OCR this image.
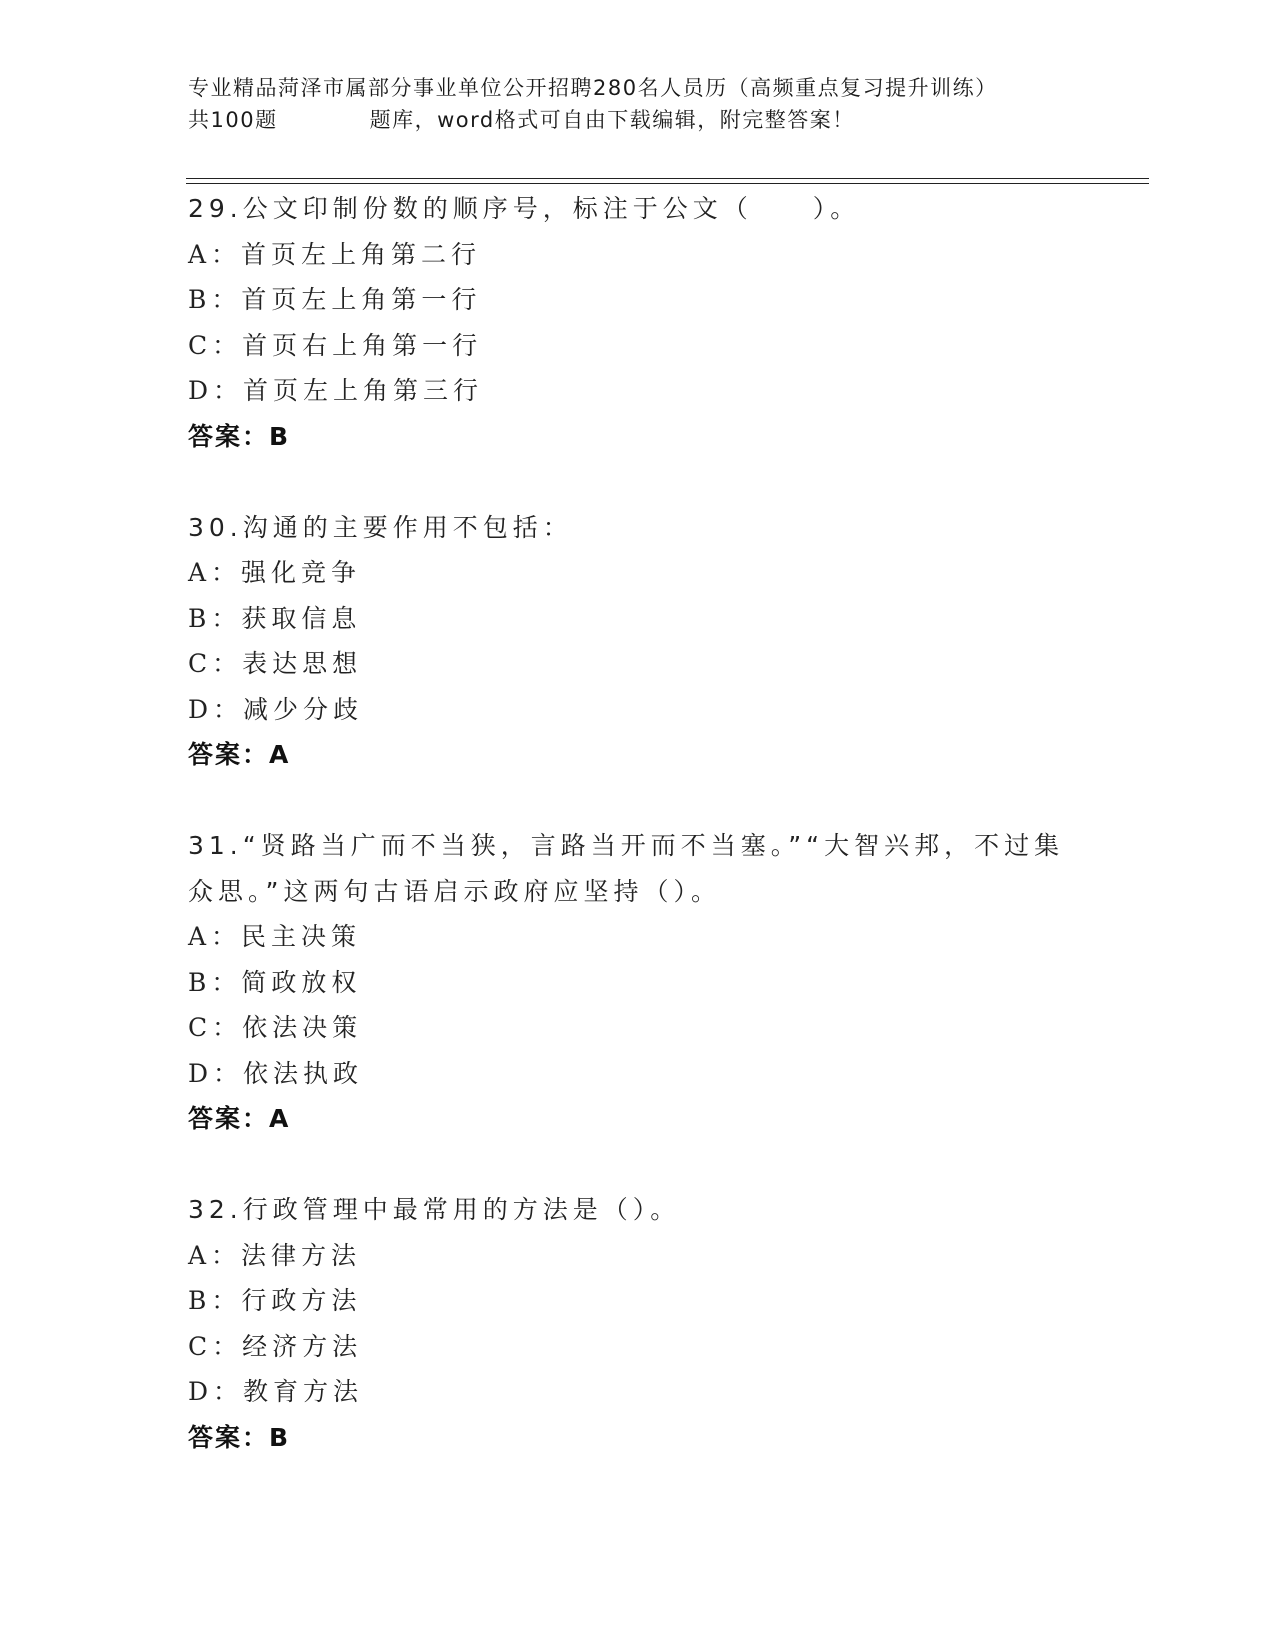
专业精品菏泽市属部分事业单位公开招聘280名人员历（高频重点复习提升训练）
共100题	题库，word格式可自由下载编辑，附完整答案！
29.公文印制份数的顺序号，标注于公文（　　）。
A：首页左上角第二行
B：首页左上角第一行
C：首页右上角第一行
D：首页左上角第三行
答案：B
30.沟通的主要作用不包括：
A：强化竞争
B：获取信息
C：表达思想
D：减少分歧
答案：A
31.“贤路当广而不当狭，言路当开而不当塞。”“大智兴邦，不过集众思。”这两句古语启示政府应坚持（）。
A：民主决策
B：简政放权
C：依法决策
D：依法执政
答案：A
32.行政管理中最常用的方法是（）。
A：法律方法
B：行政方法
C：经济方法
D：教育方法
答案：B
